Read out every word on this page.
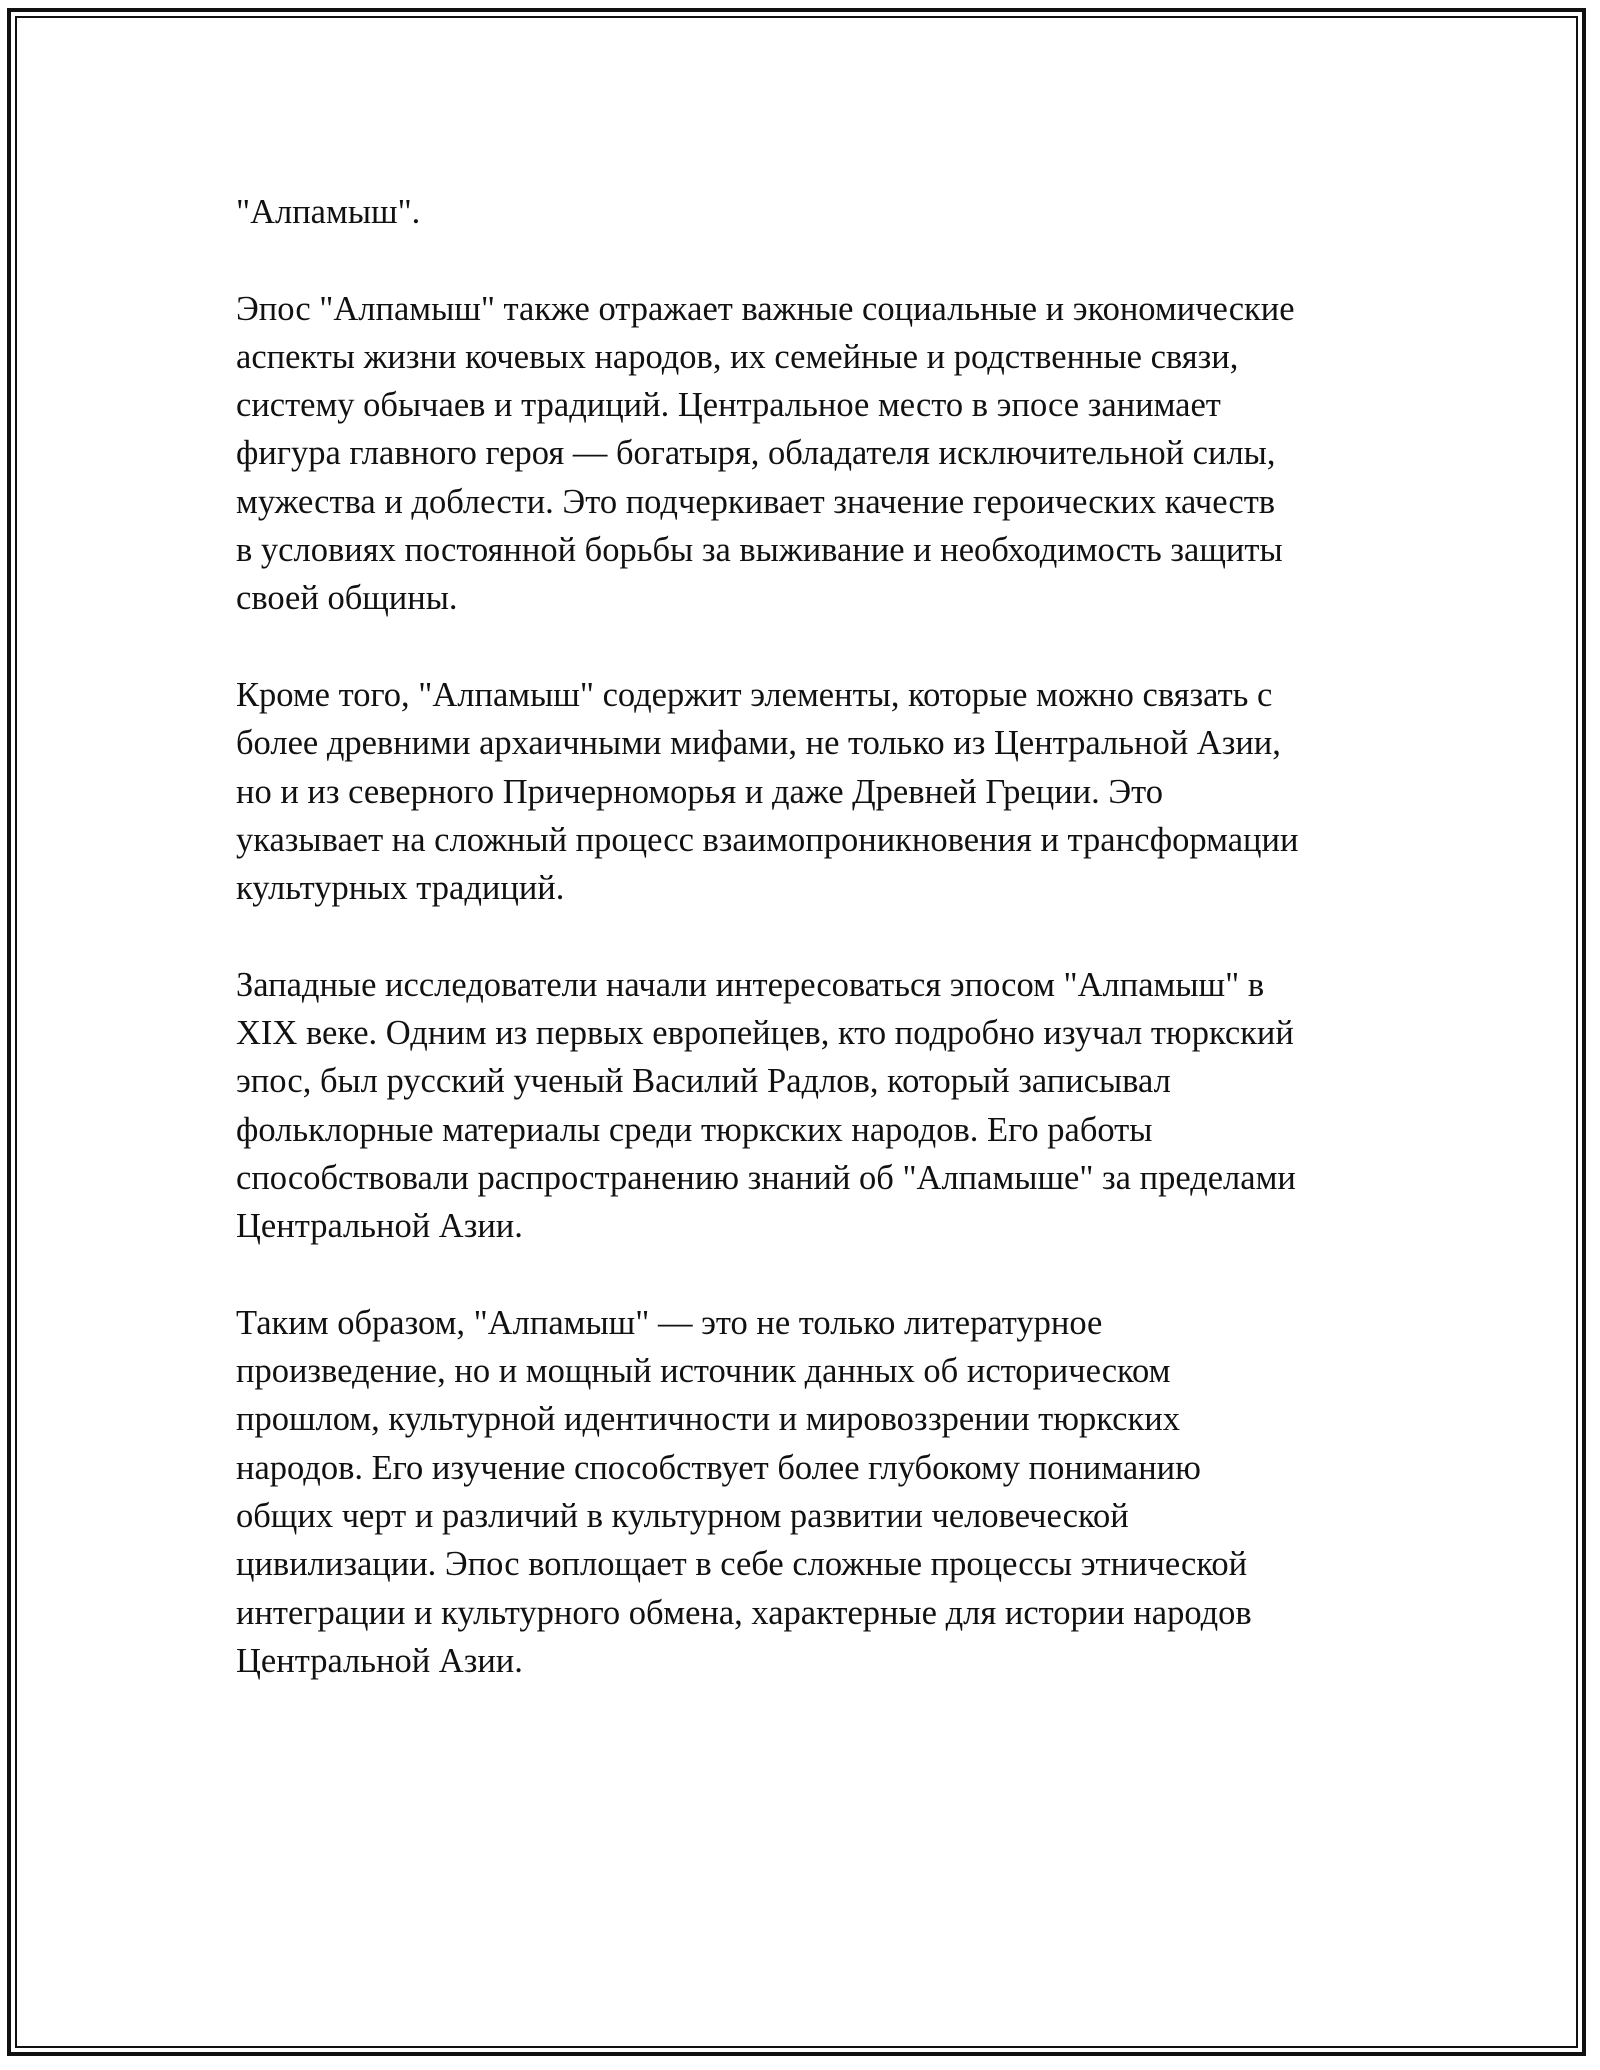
"Алпамыш".

Эпос "Алпамыш" также отражает важные социальные и экономические
аспекты жизни кочевых народов, их семейные и родственные связи,
систему обычаев и традиций. Центральное место в эпосе занимает
фигура главного героя — богатыря, обладателя исключительной силы,
мужества и доблести. Это подчеркивает значение героических качеств
в условиях постоянной борьбы за выживание и необходимость защиты
своей общины.

Кроме того, "Алпамыш" содержит элементы, которые можно связать с
более древними архаичными мифами, не только из Центральной Азии,
но и из северного Причерноморья и даже Древней Греции. Это
указывает на сложный процесс взаимопроникновения и трансформации
культурных традиций.

Западные исследователи начали интересоваться эпосом "Алпамыш" в
XIX веке. Одним из первых европейцев, кто подробно изучал тюркский
эпос, был русский ученый Василий Радлов, который записывал
фольклорные материалы среди тюркских народов. Его работы
способствовали распространению знаний об "Алпамыше" за пределами
Центральной Азии.

Таким образом, "Алпамыш" — это не только литературное
произведение, но и мощный источник данных об историческом
прошлом, культурной идентичности и мировоззрении тюркских
народов. Его изучение способствует более глубокому пониманию
общих черт и различий в культурном развитии человеческой
цивилизации. Эпос воплощает в себе сложные процессы этнической
интеграции и культурного обмена, характерные для истории народов
Центральной Азии.
